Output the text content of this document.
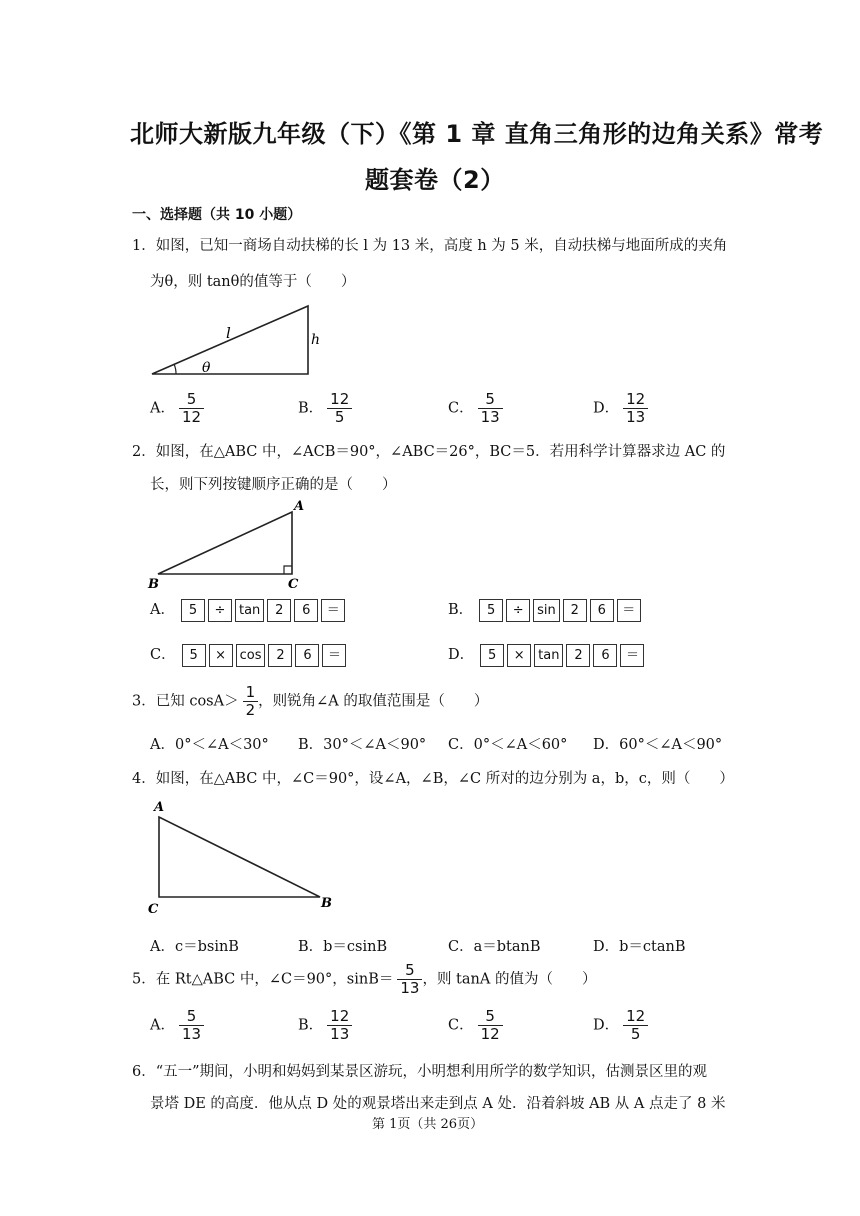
北师大新版九年级（下）《第 1 章 直角三角形的边角关系》常考
题套卷（2）
一、选择题（共 10 小题）
1．如图，已知一商场自动扶梯的长 l 为 13 米，高度 h 为 5 米，自动扶梯与地面所成的夹角
为θ，则 tanθ的值等于（　　）
l	h
θ
A． $\frac{5}{12}$	B． $\frac{12}{5}$	C． $\frac{5}{13}$	D． $\frac{12}{13}$
2．如图，在△ABC 中，∠ACB＝90°，∠ABC＝26°，BC＝5．若用科学计算器求边 AC 的
长，则下列按键顺序正确的是（　　）
A
B	C
A．	5	÷	tan	2	6	＝	B．	5	÷	sin	2	6	＝
C．	5	×	cos	2	6	＝	D．	5	×	tan	2	6	＝
3．已知 $\cos A> \frac{1}{2}$ ，则锐角∠A 的取值范围是（　　）
A．0°＜∠A＜30° B．30°＜∠A＜90° C．0°＜∠A＜60° D．60°＜∠A＜90°
4．如图，在△ABC 中，∠C＝90°，设∠A，∠B，∠C 所对的边分别为 a，b，c，则（　　）
A
C	B
A．c＝bsinB	B．b＝csinB	C．a＝btanB	D．b＝ctanB
5．在 Rt△ABC 中，∠C＝90°，$\sin B= \frac{5}{13}$ ，则 tanA 的值为（　　）
A． $\frac{5}{13}$	B． $\frac{12}{13}$	C． $\frac{5}{12}$	D． $\frac{12}{5}$
6．“五一”期间，小明和妈妈到某景区游玩，小明想利用所学的数学知识，估测景区里的观
景塔 DE 的高度．他从点 D 处的观景塔出来走到点 A 处．沿着斜坡 AB 从 A 点走了 8 米
第 1页（共 26页）
